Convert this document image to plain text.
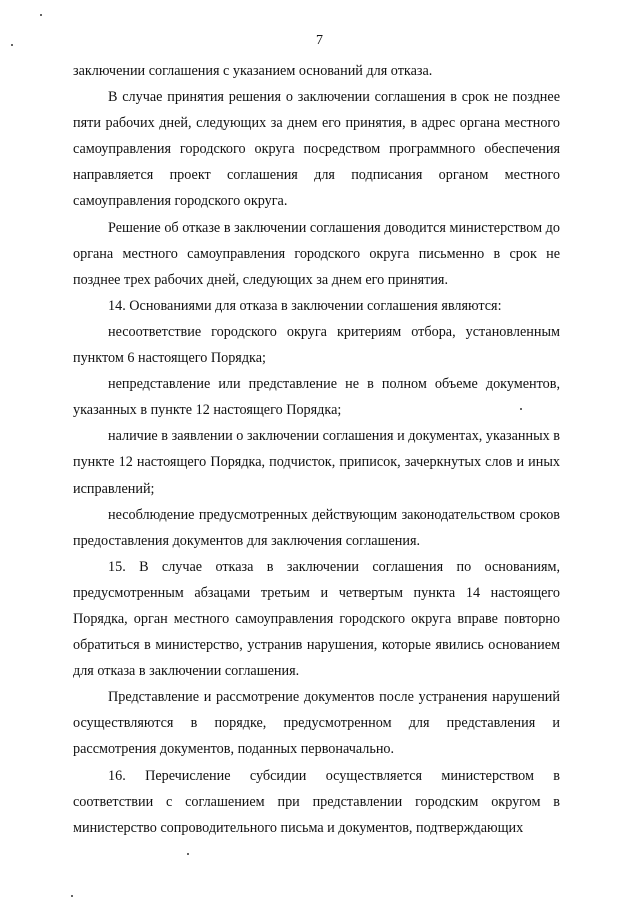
7

заключении соглашения с указанием оснований для отказа.

В случае принятия решения о заключении соглашения в срок не позднее пяти рабочих дней, следующих за днем его принятия, в адрес органа местного самоуправления городского округа посредством программного обеспечения направляется проект соглашения для подписания органом местного самоуправления городского округа.

Решение об отказе в заключении соглашения доводится министерством до органа местного самоуправления городского округа письменно в срок не позднее трех рабочих дней, следующих за днем его принятия.

14. Основаниями для отказа в заключении соглашения являются:

несоответствие городского округа критериям отбора, установленным пунктом 6 настоящего Порядка;

непредставление или представление не в полном объеме документов, указанных в пункте 12 настоящего Порядка;

наличие в заявлении о заключении соглашения и документах, указанных в пункте 12 настоящего Порядка, подчисток, приписок, зачеркнутых слов и иных исправлений;

несоблюдение предусмотренных действующим законодательством сроков предоставления документов для заключения соглашения.

15. В случае отказа в заключении соглашения по основаниям, предусмотренным абзацами третьим и четвертым пункта 14 настоящего Порядка, орган местного самоуправления городского округа вправе повторно обратиться в министерство, устранив нарушения, которые явились основанием для отказа в заключении соглашения.

Представление и рассмотрение документов после устранения нарушений осуществляются в порядке, предусмотренном для представления и рассмотрения документов, поданных первоначально.

16. Перечисление субсидии осуществляется министерством в соответствии с соглашением при представлении городским округом в министерство сопроводительного письма и документов, подтверждающих
